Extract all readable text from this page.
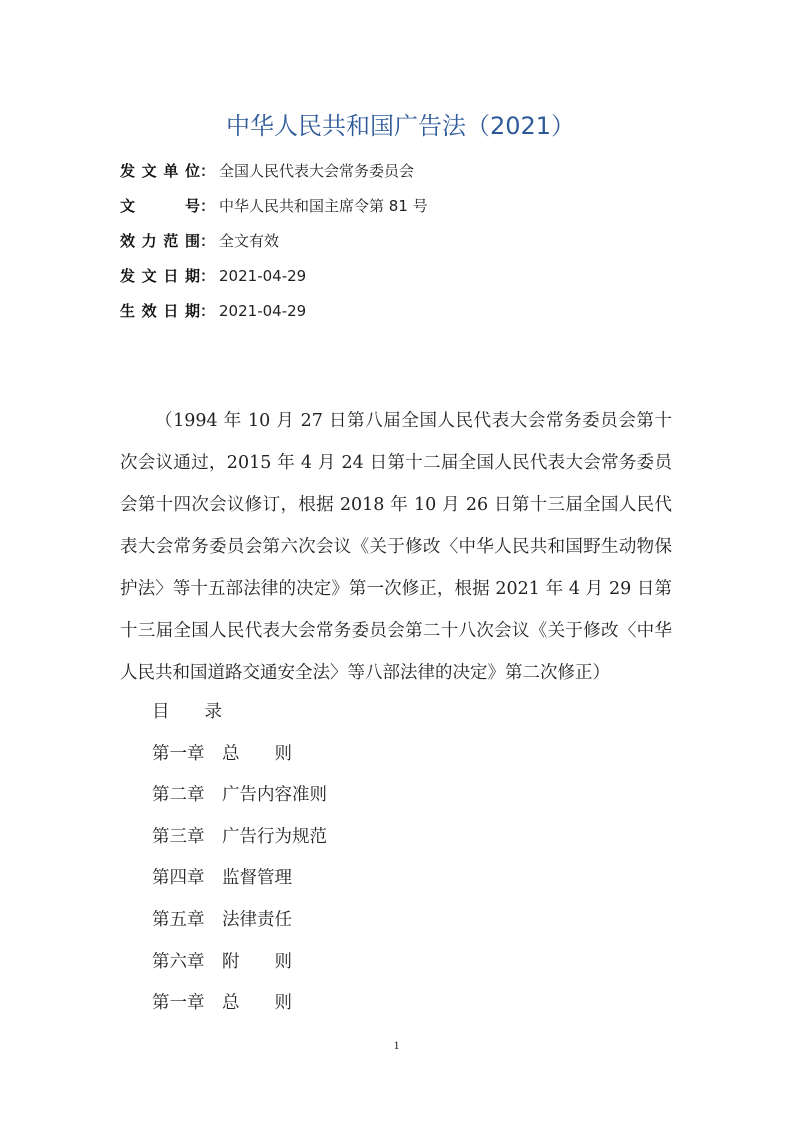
中华人民共和国广告法（2021）
发文单位： 全国人民代表大会常务委员会
文号： 中华人民共和国主席令第 81 号
效力范围： 全文有效
发文日期： 2021-04-29
生效日期： 2021-04-29
（1994 年 10 月 27 日第八届全国人民代表大会常务委员会第十次会议通过，2015 年 4 月 24 日第十二届全国人民代表大会常务委员会第十四次会议修订，根据 2018 年 10 月 26 日第十三届全国人民代表大会常务委员会第六次会议《关于修改〈中华人民共和国野生动物保护法〉等十五部法律的决定》第一次修正，根据 2021 年 4 月 29 日第十三届全国人民代表大会常务委员会第二十八次会议《关于修改〈中华人民共和国道路交通安全法〉等八部法律的决定》第二次修正）
目　　录
第一章　总　　则
第二章　广告内容准则
第三章　广告行为规范
第四章　监督管理
第五章　法律责任
第六章　附　　则
第一章　总　　则
1
